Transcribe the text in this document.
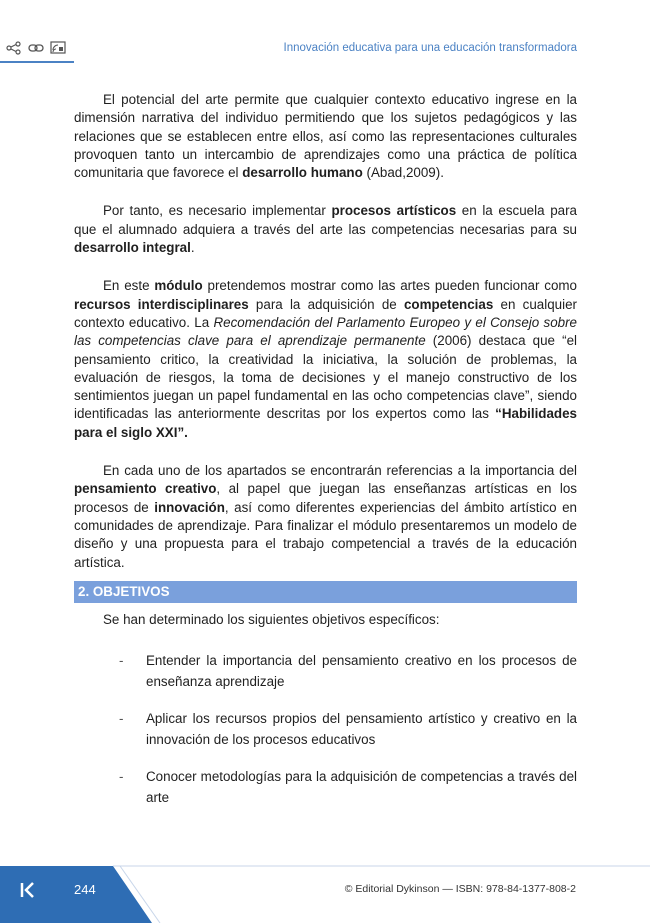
Innovación educativa para una educación transformadora

El potencial del arte permite que cualquier contexto educativo ingrese en la dimensión narrativa del individuo permitiendo que los sujetos pedagógicos y las relaciones que se establecen entre ellos, así como las representaciones culturales provoquen tanto un intercambio de aprendizajes como una práctica de política comunitaria que favorece el desarrollo humano (Abad,2009).

Por tanto, es necesario implementar procesos artísticos en la escuela para que el alumnado adquiera a través del arte las competencias necesarias para su desarrollo integral.

En este módulo pretendemos mostrar como las artes pueden funcionar como recursos interdisciplinares para la adquisición de competencias en cualquier contexto educativo. La Recomendación del Parlamento Europeo y el Consejo sobre las competencias clave para el aprendizaje permanente (2006) destaca que “el pensamiento critico, la creatividad la iniciativa, la solución de problemas, la evaluación de riesgos, la toma de decisiones y el manejo constructivo de los sentimientos juegan un papel fundamental en las ocho competencias clave”, siendo identificadas las anteriormente descritas por los expertos como las “Habilidades para el siglo XXI”.

En cada uno de los apartados se encontrarán referencias a la importancia del pensamiento creativo, al papel que juegan las enseñanzas artísticas en los procesos de innovación, así como diferentes experiencias del ámbito artístico en comunidades de aprendizaje. Para finalizar el módulo presentaremos un modelo de diseño y una propuesta para el trabajo competencial a través de la educación artística.

2. OBJETIVOS
Se han determinado los siguientes objetivos específicos:
- Entender la importancia del pensamiento creativo en los procesos de enseñanza aprendizaje
- Aplicar los recursos propios del pensamiento artístico y creativo en la innovación de los procesos educativos
- Conocer metodologías para la adquisición de competencias a través del arte
244	© Editorial Dykinson — ISBN: 978-84-1377-808-2
